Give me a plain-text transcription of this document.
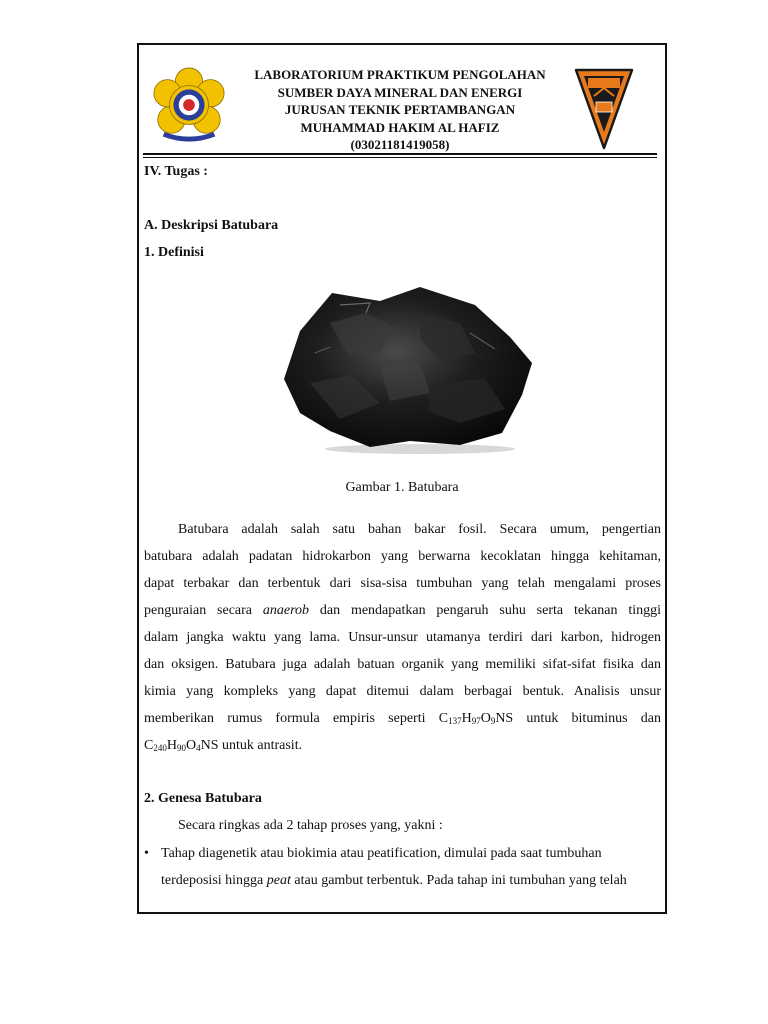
LABORATORIUM PRAKTIKUM PENGOLAHAN
SUMBER DAYA MINERAL DAN ENERGI
JURUSAN TEKNIK PERTAMBANGAN
MUHAMMAD HAKIM AL HAFIZ
(03021181419058)
IV. Tugas :
A. Deskripsi Batubara
1. Definisi
Gambar 1. Batubara
Batubara adalah salah satu bahan bakar fosil. Secara umum, pengertian
batubara adalah padatan hidrokarbon yang berwarna kecoklatan hingga kehitaman,
dapat terbakar dan terbentuk dari sisa-sisa tumbuhan yang telah mengalami proses
penguraian secara anaerob dan mendapatkan pengaruh suhu serta tekanan tinggi
dalam jangka waktu yang lama. Unsur-unsur utamanya terdiri dari karbon, hidrogen
dan oksigen. Batubara juga adalah batuan organik yang memiliki sifat-sifat fisika dan
kimia yang kompleks yang dapat ditemui dalam berbagai bentuk. Analisis unsur
memberikan rumus formula empiris seperti $C_{137}H_{97}O_9NS$ untuk bituminus dan
$C_{240}H_{90}O_4NS$ untuk antrasit.
2. Genesa Batubara
Secara ringkas ada 2 tahap proses yang, yakni :
• Tahap diagenetik atau biokimia atau peatification, dimulai pada saat tumbuhan
terdeposisi hingga peat atau gambut terbentuk. Pada tahap ini tumbuhan yang telah
